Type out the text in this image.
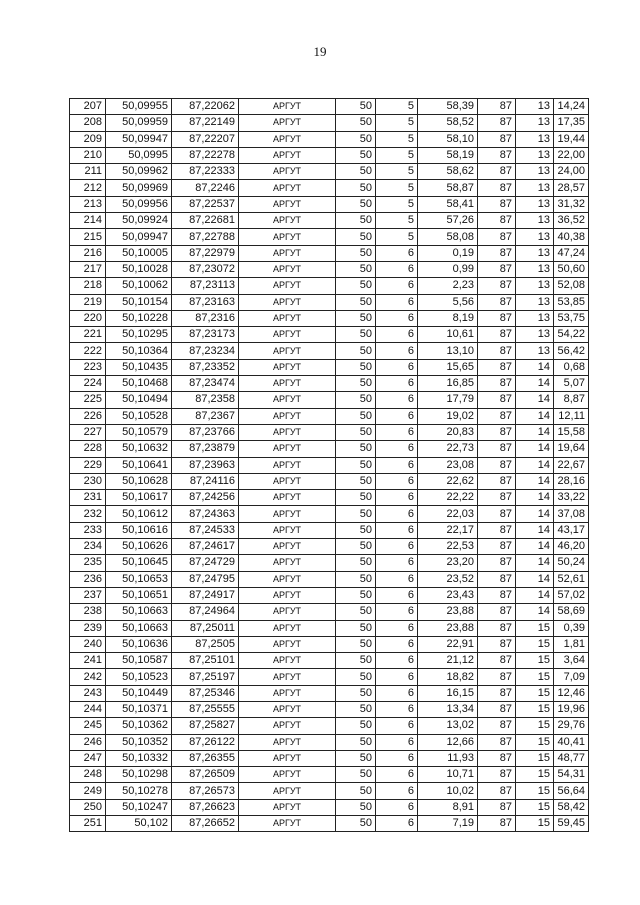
19
207	50,09955	87,22062	АРГУТ	50	5	58,39	87	13	14,24
208	50,09959	87,22149	АРГУТ	50	5	58,52	87	13	17,35
209	50,09947	87,22207	АРГУТ	50	5	58,10	87	13	19,44
210	50,0995	87,22278	АРГУТ	50	5	58,19	87	13	22,00
211	50,09962	87,22333	АРГУТ	50	5	58,62	87	13	24,00
212	50,09969	87,2246	АРГУТ	50	5	58,87	87	13	28,57
213	50,09956	87,22537	АРГУТ	50	5	58,41	87	13	31,32
214	50,09924	87,22681	АРГУТ	50	5	57,26	87	13	36,52
215	50,09947	87,22788	АРГУТ	50	5	58,08	87	13	40,38
216	50,10005	87,22979	АРГУТ	50	6	0,19	87	13	47,24
217	50,10028	87,23072	АРГУТ	50	6	0,99	87	13	50,60
218	50,10062	87,23113	АРГУТ	50	6	2,23	87	13	52,08
219	50,10154	87,23163	АРГУТ	50	6	5,56	87	13	53,85
220	50,10228	87,2316	АРГУТ	50	6	8,19	87	13	53,75
221	50,10295	87,23173	АРГУТ	50	6	10,61	87	13	54,22
222	50,10364	87,23234	АРГУТ	50	6	13,10	87	13	56,42
223	50,10435	87,23352	АРГУТ	50	6	15,65	87	14	0,68
224	50,10468	87,23474	АРГУТ	50	6	16,85	87	14	5,07
225	50,10494	87,2358	АРГУТ	50	6	17,79	87	14	8,87
226	50,10528	87,2367	АРГУТ	50	6	19,02	87	14	12,11
227	50,10579	87,23766	АРГУТ	50	6	20,83	87	14	15,58
228	50,10632	87,23879	АРГУТ	50	6	22,73	87	14	19,64
229	50,10641	87,23963	АРГУТ	50	6	23,08	87	14	22,67
230	50,10628	87,24116	АРГУТ	50	6	22,62	87	14	28,16
231	50,10617	87,24256	АРГУТ	50	6	22,22	87	14	33,22
232	50,10612	87,24363	АРГУТ	50	6	22,03	87	14	37,08
233	50,10616	87,24533	АРГУТ	50	6	22,17	87	14	43,17
234	50,10626	87,24617	АРГУТ	50	6	22,53	87	14	46,20
235	50,10645	87,24729	АРГУТ	50	6	23,20	87	14	50,24
236	50,10653	87,24795	АРГУТ	50	6	23,52	87	14	52,61
237	50,10651	87,24917	АРГУТ	50	6	23,43	87	14	57,02
238	50,10663	87,24964	АРГУТ	50	6	23,88	87	14	58,69
239	50,10663	87,25011	АРГУТ	50	6	23,88	87	15	0,39
240	50,10636	87,2505	АРГУТ	50	6	22,91	87	15	1,81
241	50,10587	87,25101	АРГУТ	50	6	21,12	87	15	3,64
242	50,10523	87,25197	АРГУТ	50	6	18,82	87	15	7,09
243	50,10449	87,25346	АРГУТ	50	6	16,15	87	15	12,46
244	50,10371	87,25555	АРГУТ	50	6	13,34	87	15	19,96
245	50,10362	87,25827	АРГУТ	50	6	13,02	87	15	29,76
246	50,10352	87,26122	АРГУТ	50	6	12,66	87	15	40,41
247	50,10332	87,26355	АРГУТ	50	6	11,93	87	15	48,77
248	50,10298	87,26509	АРГУТ	50	6	10,71	87	15	54,31
249	50,10278	87,26573	АРГУТ	50	6	10,02	87	15	56,64
250	50,10247	87,26623	АРГУТ	50	6	8,91	87	15	58,42
251	50,102	87,26652	АРГУТ	50	6	7,19	87	15	59,45
